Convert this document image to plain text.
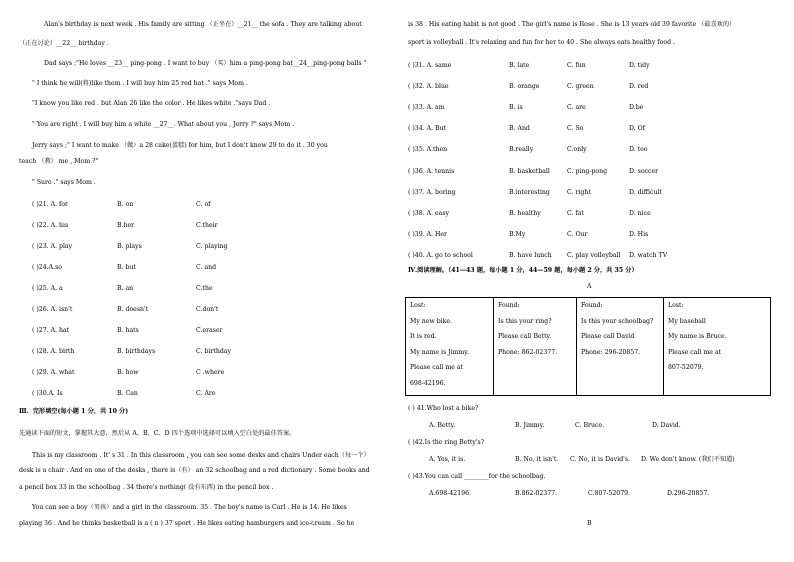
Alan's birthday is next week . His family are sitting （正坐在）__21__ the sofa . They are talking about
（正在讨论）__22__ birthday .
Dad says ;"He loves __23__ ping-pong . I want to buy （买）him a ping-pong bat__24__ping-pong balls "
" I think he will(将)like them . I will buy him 25 red hat ." says Mom .
"I know you like red . but Alan 26 like the color . He likes white ."says Dad .
" You are right . I will buy him a white __27__. What about you , Jerry ?" says Mom .
Jerry says ;" I want to make （做）a 28 cake(蛋糕) for him, but I don't know 29 to do it . 30 you
teach （教） me , Mom ?"
" Sure ." says Mom .
( )21. A. for	B. on	C. of
( )22. A. his	B.her	C.their
( )23. A. play	B. plays	C. playing
( )24.A.so	B. but	C. and
( )25. A. a	B. an	C.the
( )26. A. isn't	B. doesn't	C.don't
( )27. A. hat	B. hats	C.eraser
( )28. A. birth	B. birthdays	C. birthday
( )29. A. what	B. how	C .where
( )30.A. Is	B. Can	C. Are
Ⅲ．完形填空(每小题 1 分，共 10 分)
先通读下面的短文，掌握其大意，然后从 A、B、C、D 四个选项中选择可以填入空白处的最佳答案。
This is my classroom . It' s 31 . In this classroom , you can see some desks and chairs Under each（每一个）
desk is a chair . And on one of the desks , there is（有） an 32 schoolbag and a red dictionary . Some books and
a pencil box 33 in the schoolbag . 34 there's nothing( 没有东西) in the pencil box .
You can see a boy（男孩）and a girl in the classroom. 35 . The boy's name is Carl . He is 14. He likes
playing 36 . And he thinks basketball is a ( n ) 37 sport . He likes eating hamburgers and ice-cream . So he
is 38 . His eating habit is not good . The girl's name is Rose . She is 13 years old 39 favorite （最喜欢的）
sport is volleyball . It's relaxing and fun for her to 40 . She always eats healthy food .
( )31. A. same	B. late	C. fun	D. tidy
( )32. A. blue	B. orange	C. green	D. red
( )33. A. am	B. is	C. are	D.be
( )34. A. But	B. And	C. So	D. Of
( )35. A.then	B.really	C.only	D. too
( )36. A. tennis	B. basketball	C. ping-pong	D. soccer
( )37. A. boring	B.interesting	C. right	D. difficult
( )38. A. easy	B. healthy	C. fat	D. nice
( )39. A. Her	B.My	C. Our	D. His
( )40. A. go to school	B. have lunch C. play volleyball D. watch TV
Ⅳ.阅读理解。（41—43 题，每小题 1 分，44—59 题，每小题 2 分，共 35 分）
A
( ) 41.Who lost a bike?
A. Betty.	B. Jimmy.	C. Bruce.	D. David.
( )42.Is the ring Betty's?
A. Yes, it is.	B. No, it isn't. C. No, it is David's. D. We don't know. (我们不知道)
( )43.You can call ________for the schoolbag.
A.698-42196.	B.862-02377.	C.807-52079.	D.296-20857.
B
Lost:
My new bike.
It is red.
My name is Jimmy.
Please call me at
698-42196.

Found:
Is this your ring?
Please call Betty.
Phone: 862-02377.

Found:
Is this your schoolbag?
Please call David
Phone: 296-20857.

Lost:
My baseball
My name is Bruce.
Please call me at
807-52079.
